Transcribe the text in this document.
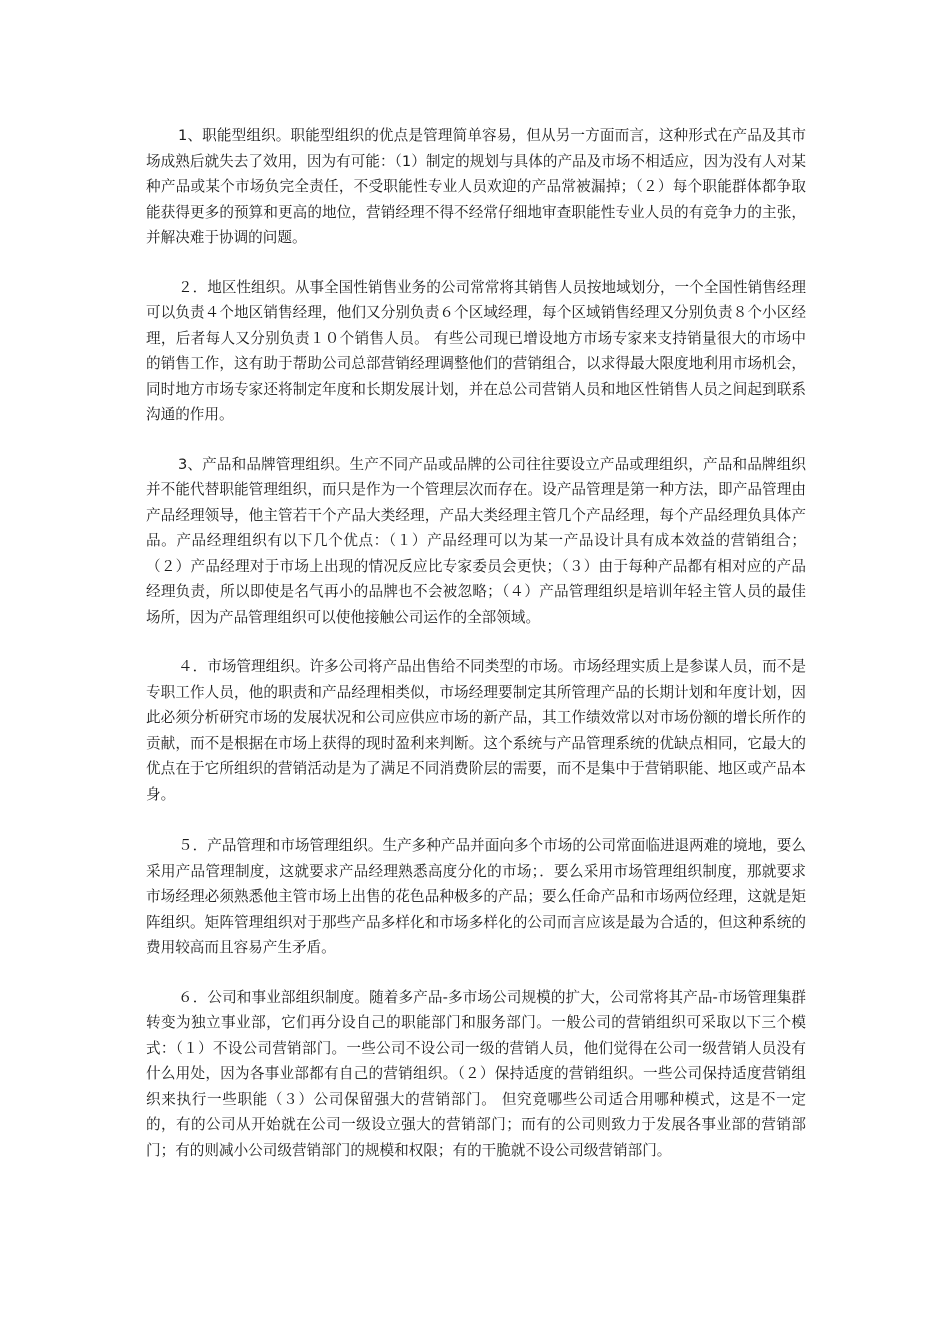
1、职能型组织。职能型组织的优点是管理简单容易，但从另一方面而言，这种形式在产品及其市场成熟后就失去了效用，因为有可能：（1）制定的规划与具体的产品及市场不相适应，因为没有人对某种产品或某个市场负完全责任，不受职能性专业人员欢迎的产品常被漏掉；（２）每个职能群体都争取能获得更多的预算和更高的地位，营销经理不得不经常仔细地审查职能性专业人员的有竞争力的主张，并解决难于协调的问题。

２．地区性组织。从事全国性销售业务的公司常常将其销售人员按地域划分，一个全国性销售经理可以负责４个地区销售经理，他们又分别负责６个区域经理，每个区域销售经理又分别负责８个小区经理，后者每人又分别负责１０个销售人员。 有些公司现已增设地方市场专家来支持销量很大的市场中的销售工作，这有助于帮助公司总部营销经理调整他们的营销组合，以求得最大限度地利用市场机会，同时地方市场专家还将制定年度和长期发展计划，并在总公司营销人员和地区性销售人员之间起到联系沟通的作用。

3、产品和品牌管理组织。生产不同产品或品牌的公司往往要设立产品或理组织，产品和品牌组织并不能代替职能管理组织，而只是作为一个管理层次而存在。设产品管理是第一种方法，即产品管理由产品经理领导，他主管若干个产品大类经理，产品大类经理主管几个产品经理，每个产品经理负具体产品。产品经理组织有以下几个优点：（１）产品经理可以为某一产品设计具有成本效益的营销组合；（２）产品经理对于市场上出现的情况反应比专家委员会更快；（３）由于每种产品都有相对应的产品经理负责，所以即使是名气再小的品牌也不会被忽略；（４）产品管理组织是培训年轻主管人员的最佳场所，因为产品管理组织可以使他接触公司运作的全部领域。

４．市场管理组织。许多公司将产品出售给不同类型的市场。市场经理实质上是参谋人员，而不是专职工作人员，他的职责和产品经理相类似，市场经理要制定其所管理产品的长期计划和年度计划，因此必须分析研究市场的发展状况和公司应供应市场的新产品，其工作绩效常以对市场份额的增长所作的贡献，而不是根据在市场上获得的现时盈利来判断。这个系统与产品管理系统的优缺点相同，它最大的优点在于它所组织的营销活动是为了满足不同消费阶层的需要，而不是集中于营销职能、地区或产品本身。

５．产品管理和市场管理组织。生产多种产品并面向多个市场的公司常面临进退两难的境地，要么采用产品管理制度，这就要求产品经理熟悉高度分化的市场；．要么采用市场管理组织制度，那就要求市场经理必须熟悉他主管市场上出售的花色品种极多的产品；要么任命产品和市场两位经理，这就是矩阵组织。矩阵管理组织对于那些产品多样化和市场多样化的公司而言应该是最为合适的，但这种系统的费用较高而且容易产生矛盾。

６．公司和事业部组织制度。随着多产品-多市场公司规模的扩大，公司常将其产品-市场管理集群转变为独立事业部，它们再分设自己的职能部门和服务部门。一般公司的营销组织可采取以下三个模式：（１）不设公司营销部门。一些公司不设公司一级的营销人员，他们觉得在公司一级营销人员没有什么用处，因为各事业部都有自己的营销组织。（２）保持适度的营销组织。一些公司保持适度营销组织来执行一些职能（３）公司保留强大的营销部门。 但究竟哪些公司适合用哪种模式，这是不一定的，有的公司从开始就在公司一级设立强大的营销部门；而有的公司则致力于发展各事业部的营销部门；有的则减小公司级营销部门的规模和权限；有的干脆就不设公司级营销部门。
